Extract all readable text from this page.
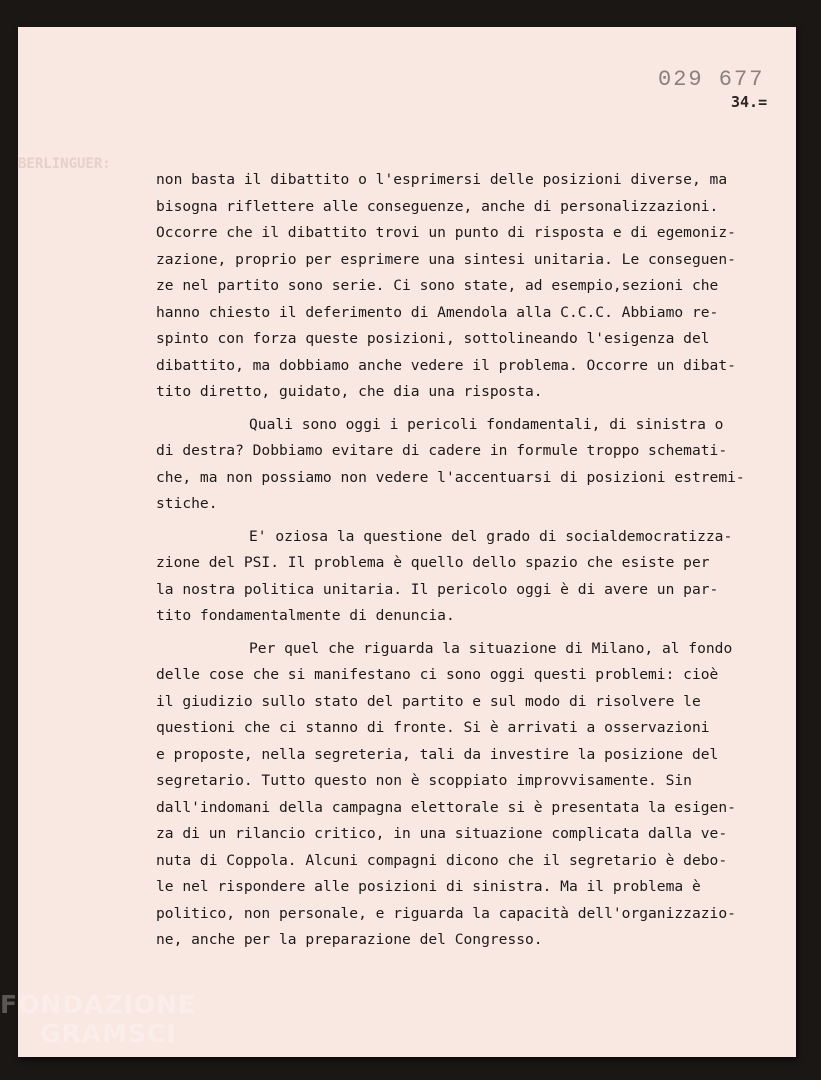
BERLINGUER:
029 677
34.=

non basta il dibattito o l'esprimersi delle posizioni diverse, ma
bisogna riflettere alle conseguenze, anche di personalizzazioni.
Occorre che il dibattito trovi un punto di risposta e di egemoniz-
zazione, proprio per esprimere una sintesi unitaria. Le conseguen-
ze nel partito sono serie. Ci sono state, ad esempio,sezioni che
hanno chiesto il deferimento di Amendola alla C.C.C. Abbiamo re-
spinto con forza queste posizioni, sottolineando l'esigenza del
dibattito, ma dobbiamo anche vedere il problema. Occorre un dibat-
tito diretto, guidato, che dia una risposta.

Quali sono oggi i pericoli fondamentali, di sinistra o
di destra? Dobbiamo evitare di cadere in formule troppo schemati-
che, ma non possiamo non vedere l'accentuarsi di posizioni estremi-
stiche.

E' oziosa la questione del grado di socialdemocratizza-
zione del PSI. Il problema è quello dello spazio che esiste per
la nostra politica unitaria. Il pericolo oggi è di avere un par-
tito fondamentalmente di denuncia.

Per quel che riguarda la situazione di Milano, al fondo
delle cose che si manifestano ci sono oggi questi problemi: cioè
il giudizio sullo stato del partito e sul modo di risolvere le
questioni che ci stanno di fronte. Si è arrivati a osservazioni
e proposte, nella segreteria, tali da investire la posizione del
segretario. Tutto questo non è scoppiato improvvisamente. Sin
dall'indomani della campagna elettorale si è presentata la esigen-
za di un rilancio critico, in una situazione complicata dalla ve-
nuta di Coppola. Alcuni compagni dicono che il segretario è debo-
le nel rispondere alle posizioni di sinistra. Ma il problema è
politico, non personale, e riguarda la capacità dell'organizzazio-
ne, anche per la preparazione del Congresso.

FONDAZIONE
GRAMSCI
